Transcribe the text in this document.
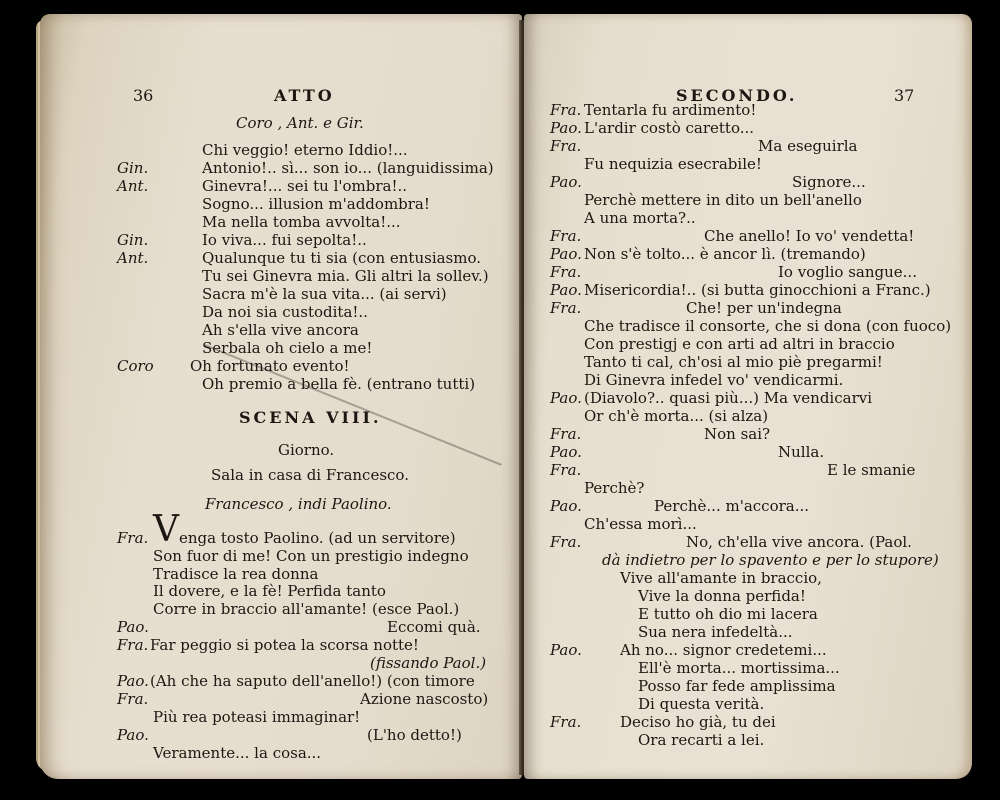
36	ATTO
Coro , Ant. e Gir.
Chi veggio! eterno Iddio!...
Gin.	Antonio!.. sì... son io... (languidissima)
Ant.	Ginevra!... sei tu l'ombra!..
Sogno... illusion m'addombra!
Ma nella tomba avvolta!...
Gin.	Io viva... fui sepolta!..
Ant.	Qualunque tu ti sia (con entusiasmo.
Tu sei Ginevra mia. Gli altri la sollev.)
Sacra m'è la sua vita... (ai servi)
Da noi sia custodita!..
Ah s'ella vive ancora
Serbala oh cielo a me!
Coro Oh fortunato evento!
Oh premio a bella fè. (entrano tutti)
SCENA VIII.
Giorno.
Sala in casa di Francesco.
Francesco , indi Paolino.
Fra. V enga tosto Paolino. (ad un servitore)
Son fuor di me! Con un prestigio indegno
Tradisce la rea donna
Il dovere, e la fè! Perfida tanto
Corre in braccio all'amante! (esce Paol.)
Pao.	Eccomi quà.
Fra. Far peggio si potea la scorsa notte!
(fissando Paol.)
Pao. (Ah che ha saputo dell'anello!) (con timore
Fra.	Azione nascosto)
Più rea poteasi immaginar!
Pao.	(L'ho detto!)
Veramente... la cosa...
SECONDO.	37
Fra. Tentarla fu ardimento!
Pao. L'ardir costò caretto...
Fra.	Ma eseguirla
Fu nequizia esecrabile!
Pao.	Signore...
Perchè mettere in dito un bell'anello
A una morta?..
Fra.	Che anello! Io vo' vendetta!
Pao. Non s'è tolto... è ancor lì. (tremando)
Fra.	Io voglio sangue...
Pao. Misericordia!.. (si butta ginocchioni a Franc.)
Fra.	Che! per un'indegna
Che tradisce il consorte, che si dona (con fuoco)
Con prestigj e con arti ad altri in braccio
Tanto ti cal, ch'osi al mio piè pregarmi!
Di Ginevra infedel vo' vendicarmi.
Pao. (Diavolo?.. quasi più...) Ma vendicarvi
Or ch'è morta... (si alza)
Fra.	Non sai?
Pao.	Nulla.
Fra.	E le smanie
Perchè?
Pao.	Perchè... m'accora...
Ch'essa morì...
Fra.	No, ch'ella vive ancora. (Paol.
dà indietro per lo spavento e per lo stupore)
Vive all'amante in braccio,
Vive la donna perfida!
E tutto oh dio mi lacera
Sua nera infedeltà...
Pao.	Ah no... signor credetemi...
Ell'è morta... mortissima...
Posso far fede amplissima
Di questa verità.
Fra.	Deciso ho già, tu dei
Ora recarti a lei.
